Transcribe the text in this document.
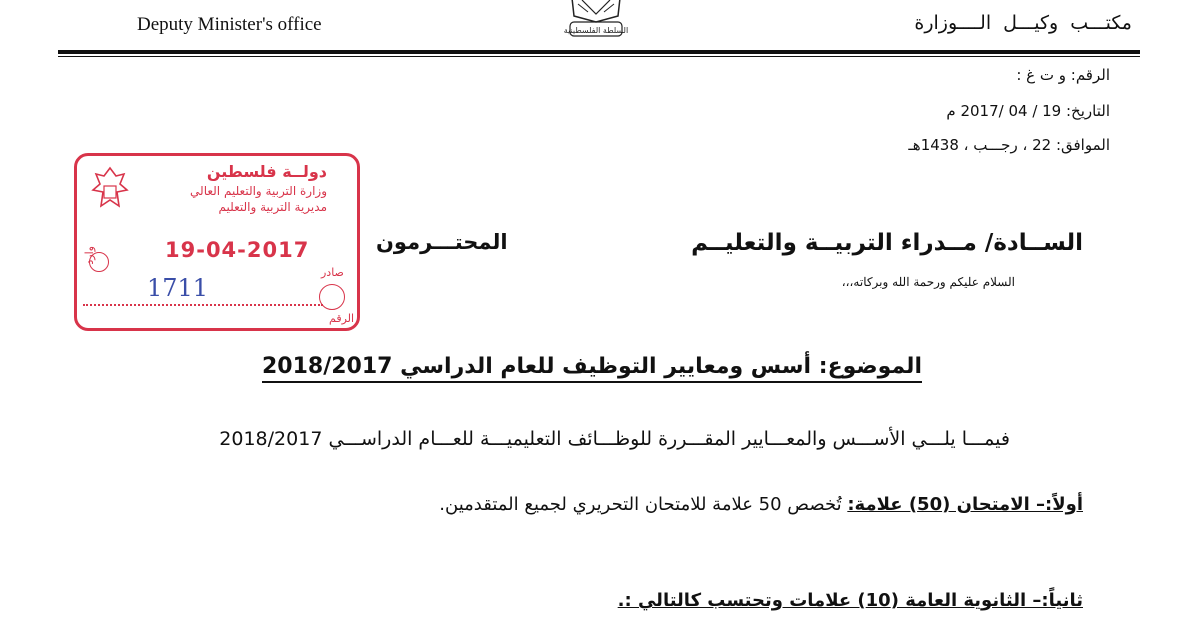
Deputy Minister's office	السلطة الفلسطينية	مكتـــب وكيـــل الــــوزارة
الرقم: و ت غ :
التاريخ: 19 / 04 /2017 م
الموافق: 22 ، رجـــب ، 1438هـ
دولــة فلسطين
وزارة التربية والتعليم العالي
مديرية التربية والتعليم
19-04-2017
وارد
صادر
1711
الرقم
الســادة/ مــدراء التربيــة والتعليــم
المحتـــرمون
السلام عليكم ورحمة الله وبركاته،،،
الموضوع: أسس ومعايير التوظيف للعام الدراسي 2018/2017
فيمـــا يلـــي الأســـس والمعـــايير المقـــررة للوظـــائف التعليميـــة للعـــام الدراســـي 2018/2017
أولاً:– الامتحان (50) علامة: تُخصص 50 علامة للامتحان التحريري لجميع المتقدمين.
ثانياً:– الثانوية العامة (10) علامات وتحتسب كالتالي :.
